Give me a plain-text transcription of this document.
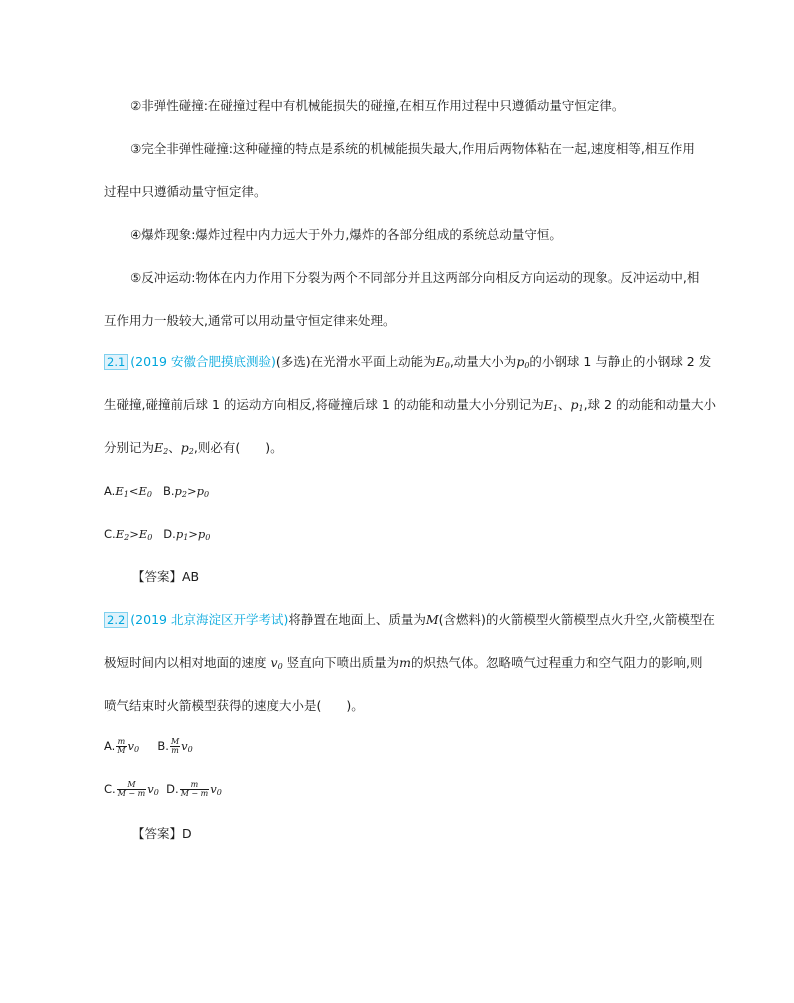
②非弹性碰撞:在碰撞过程中有机械能损失的碰撞,在相互作用过程中只遵循动量守恒定律。
③完全非弹性碰撞:这种碰撞的特点是系统的机械能损失最大,作用后两物体粘在一起,速度相等,相互作用
过程中只遵循动量守恒定律。
④爆炸现象:爆炸过程中内力远大于外力,爆炸的各部分组成的系统总动量守恒。
⑤反冲运动:物体在内力作用下分裂为两个不同部分并且这两部分向相反方向运动的现象。反冲运动中,相
互作用力一般较大,通常可以用动量守恒定律来处理。
2.1 (2019 安徽合肥摸底测验)(多选)在光滑水平面上动能为$E_0$,动量大小为$p_0$的小钢球 1 与静止的小钢球 2 发
生碰撞,碰撞前后球 1 的运动方向相反,将碰撞后球 1 的动能和动量大小分别记为$E_1$、$p_1$,球 2 的动能和动量大小
分别记为$E_2$、$p_2$,则必有(　　)。
$A.E_1<E_0$ $B.p_2>p_0$
$C.E_2>E_0$ $D.p_1>p_0$
【答案】AB
2.2 (2019 北京海淀区开学考试)将静置在地面上、质量为M(含燃料)的火箭模型火箭模型点火升空,火箭模型在
极短时间内以相对地面的速度 $v_0$ 竖直向下喷出质量为m的炽热气体。忽略喷气过程重力和空气阻力的影响,则
喷气结束时火箭模型获得的速度大小是(　　)。
A. $\frac{m}{M} v_0$ B. $\frac{M}{m} v_0$
C. $\frac{M}{M - m} v_0$ D. $\frac{m}{M - m} v_0$
【答案】D
